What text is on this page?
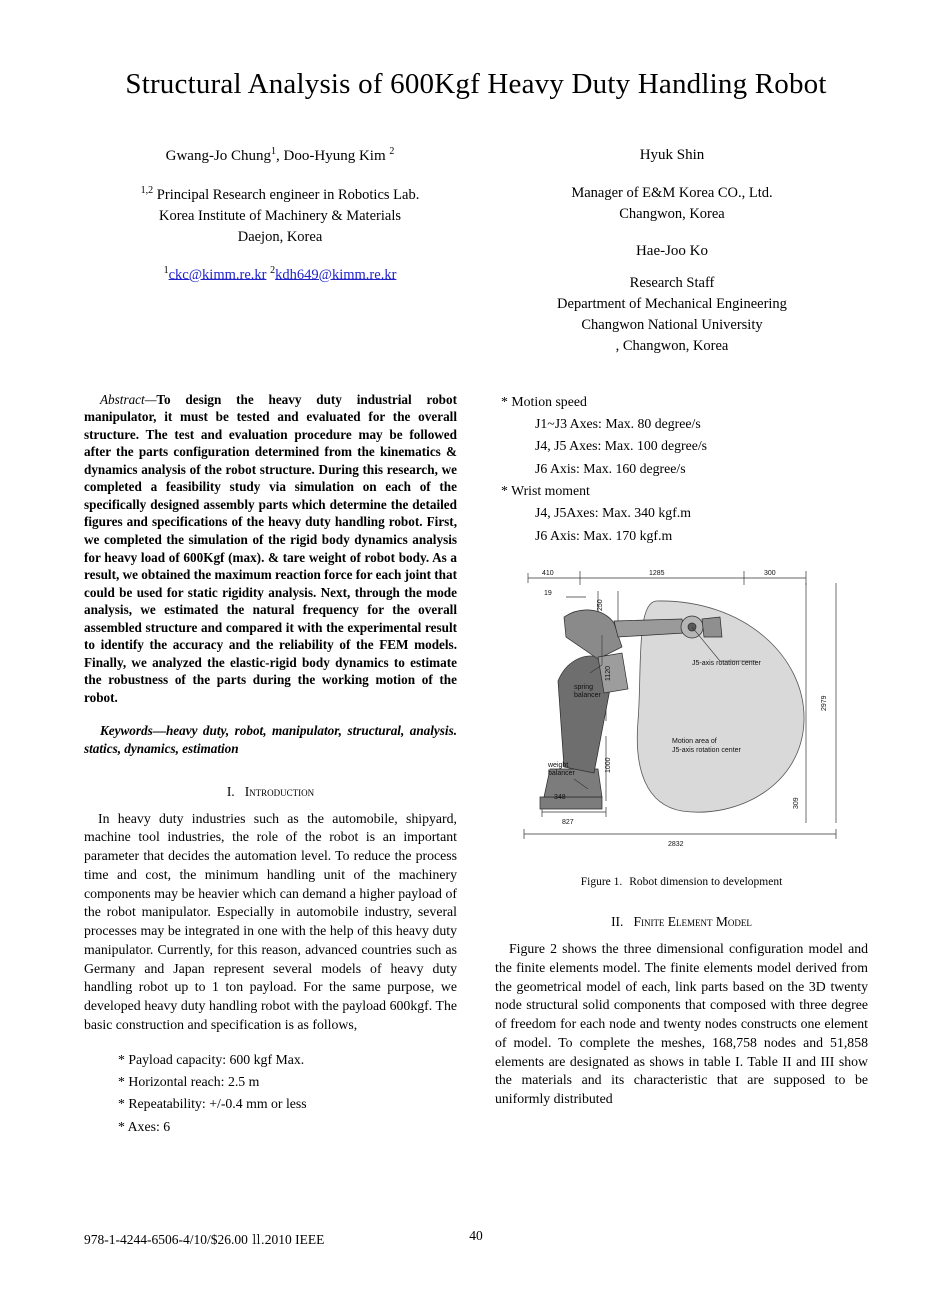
Structural Analysis of 600Kgf Heavy Duty Handling Robot
Gwang-Jo Chung$^1$, Doo-Hyung Kim $^2$
$^{1,2}$ Principal Research engineer in Robotics Lab.
Korea Institute of Machinery & Materials
Daejon, Korea
$^1$ckc@kimm.re.kr $^2$kdh649@kimm.re.kr
Hyuk Shin
Manager of E&M Korea CO., Ltd.
Changwon, Korea
Hae-Joo Ko
Research Staff
Department of Mechanical Engineering
Changwon National University
, Changwon, Korea
Abstract—To design the heavy duty industrial robot manipulator, it must be tested and evaluated for the overall structure. The test and evaluation procedure may be followed after the parts configuration determined from the kinematics & dynamics analysis of the robot structure. During this research, we completed a feasibility study via simulation on each of the specifically designed assembly parts which determine the detailed figures and specifications of the heavy duty handling robot. First, we completed the simulation of the rigid body dynamics analysis for heavy load of 600Kgf (max). & tare weight of robot body. As a result, we obtained the maximum reaction force for each joint that could be used for static rigidity analysis. Next, through the mode analysis, we estimated the natural frequency for the overall assembled structure and compared it with the experimental result to identify the accuracy and the reliability of the FEM models. Finally, we analyzed the elastic-rigid body dynamics to estimate the robustness of the parts during the working motion of the robot.
Keywords—heavy duty, robot, manipulator, structural, analysis. statics, dynamics, estimation
I. Introduction

In heavy duty industries such as the automobile, shipyard, machine tool industries, the role of the robot is an important parameter that decides the automation level. To reduce the process time and cost, the minimum handling unit of the machinery components may be heavier which can demand a higher payload of the robot manipulator. Especially in automobile industry, several processes may be integrated in one with the help of this heavy duty manipulator. Currently, for this reason, advanced countries such as Germany and Japan represent several models of heavy duty handling robot up to 1 ton payload. For the same purpose, we developed heavy duty handling robot with the payload 600kgf. The basic construction and specification is as follows,

* Payload capacity: 600 kgf Max.
* Horizontal reach: 2.5 m
* Repeatability: +/-0.4 mm or less
* Axes: 6
* Motion speed
J1~J3 Axes: Max. 80 degree/s
J4, J5 Axes: Max. 100 degree/s
J6 Axis: Max. 160 degree/s
* Wrist moment
J4, J5Axes: Max. 340 kgf.m
J6 Axis: Max. 170 kgf.m
410	1285	300
19
250
1120
1000
2979
309
827
348
2832
spring
balancer
weight
balancer
J5-axis rotation center
Motion area of
J5-axis rotation center
Figure 1. Robot dimension to development
II. Finite Element Model

Figure 2 shows the three dimensional configuration model and the finite elements model. The finite elements model derived from the geometrical model of each, link parts based on the 3D twenty node structural solid components that composed with three degree of freedom for each node and twenty nodes constructs one element of model. To complete the meshes, 168,758 nodes and 51,858 elements are designated as shows in table I. Table II and III show the materials and its characteristic that are supposed to be uniformly distributed

978-1-4244-6506-4/10/$26.00 ⒒2010 IEEE	40
